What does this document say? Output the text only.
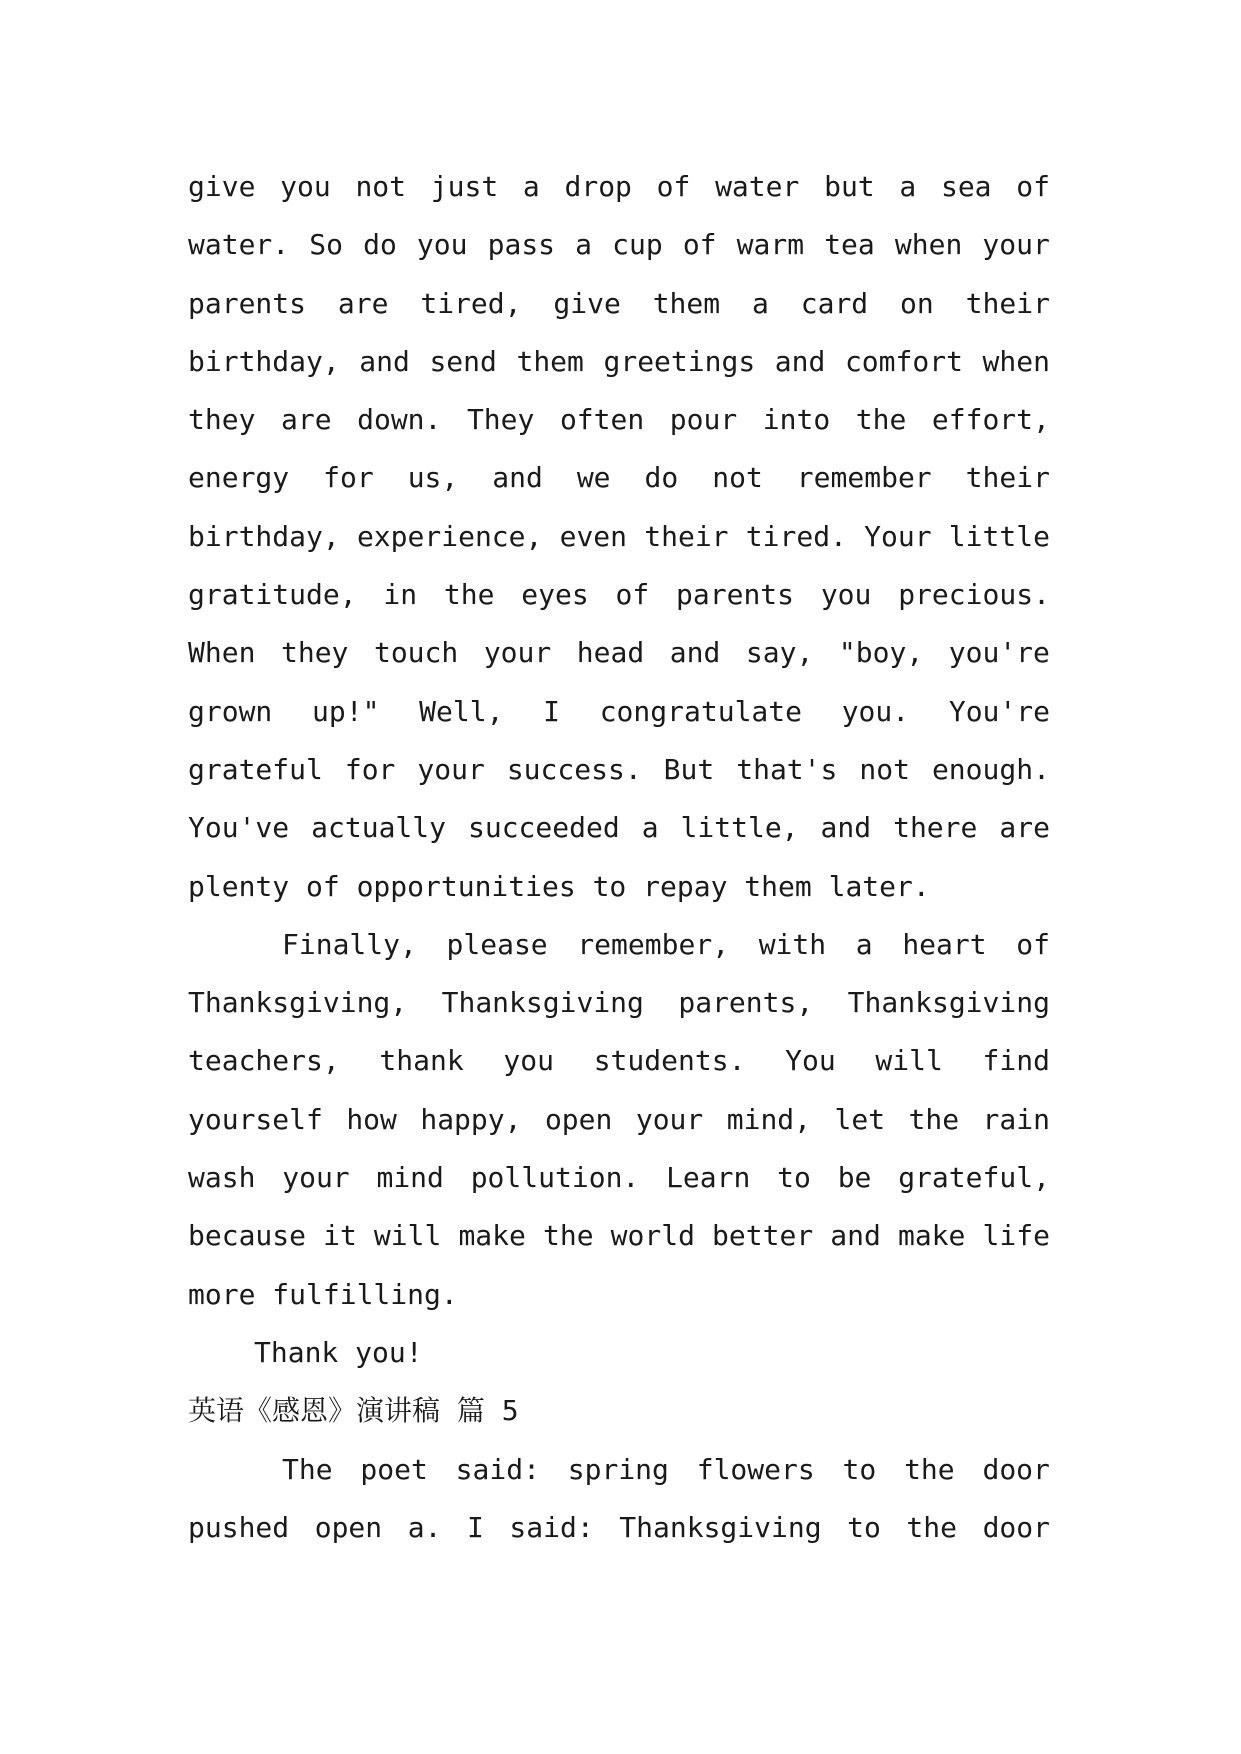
give you not just a drop of water but a sea of
water. So do you pass a cup of warm tea when your
parents are tired, give them a card on their
birthday, and send them greetings and comfort when
they are down. They often pour into the effort,
energy for us, and we do not remember their
birthday, experience, even their tired. Your little
gratitude, in the eyes of parents you precious.
When they touch your head and say, "boy, you're
grown up!" Well, I congratulate you. You're
grateful for your success. But that's not enough.
You've actually succeeded a little, and there are
plenty of opportunities to repay them later.
Finally, please remember, with a heart of
Thanksgiving, Thanksgiving parents, Thanksgiving
teachers, thank you students. You will find
yourself how happy, open your mind, let the rain
wash your mind pollution. Learn to be grateful,
because it will make the world better and make life
more fulfilling.
Thank you!
英语《感恩》演讲稿 篇 5
The poet said: spring flowers to the door
pushed open a. I said: Thanksgiving to the door
